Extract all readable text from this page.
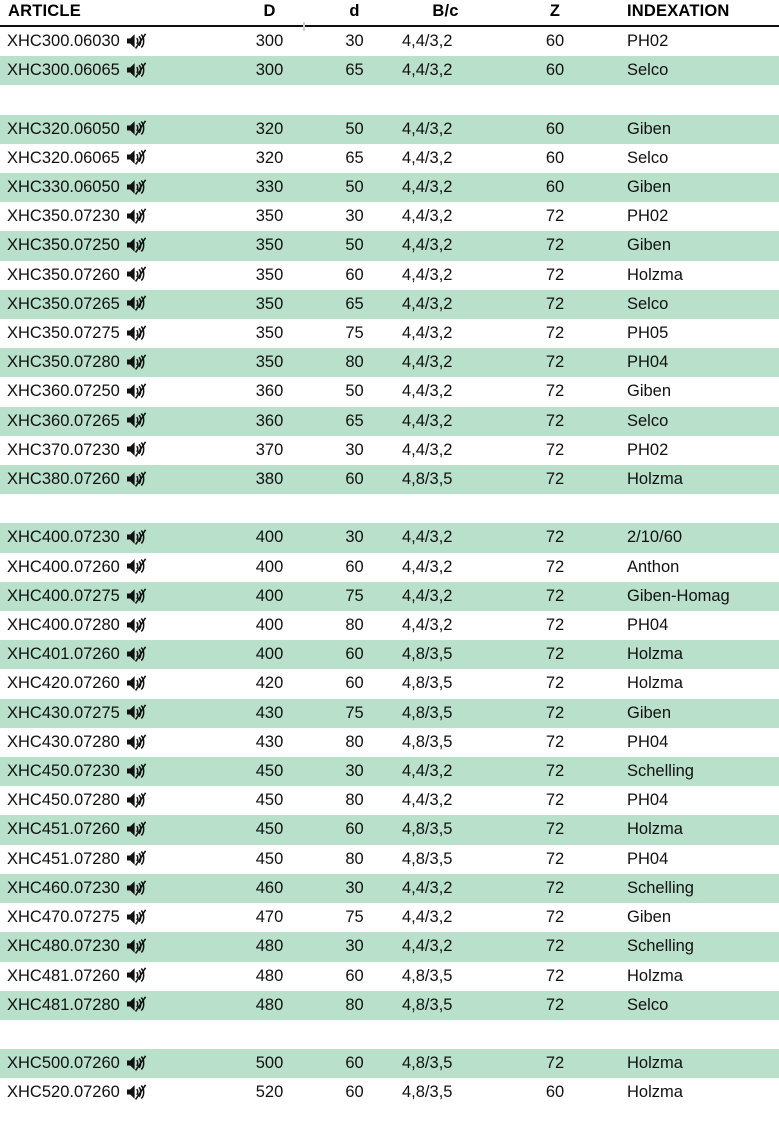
ARTICLE	D	d	B/c	Z	INDEXATION
XHC300.06030	300	30	4,4/3,2	60	PH02
XHC300.06065	300	65	4,4/3,2	60	Selco

XHC320.06050	320	50	4,4/3,2	60	Giben
XHC320.06065	320	65	4,4/3,2	60	Selco
XHC330.06050	330	50	4,4/3,2	60	Giben
XHC350.07230	350	30	4,4/3,2	72	PH02
XHC350.07250	350	50	4,4/3,2	72	Giben
XHC350.07260	350	60	4,4/3,2	72	Holzma
XHC350.07265	350	65	4,4/3,2	72	Selco
XHC350.07275	350	75	4,4/3,2	72	PH05
XHC350.07280	350	80	4,4/3,2	72	PH04
XHC360.07250	360	50	4,4/3,2	72	Giben
XHC360.07265	360	65	4,4/3,2	72	Selco
XHC370.07230	370	30	4,4/3,2	72	PH02
XHC380.07260	380	60	4,8/3,5	72	Holzma

XHC400.07230	400	30	4,4/3,2	72	2/10/60
XHC400.07260	400	60	4,4/3,2	72	Anthon
XHC400.07275	400	75	4,4/3,2	72	Giben-Homag
XHC400.07280	400	80	4,4/3,2	72	PH04
XHC401.07260	400	60	4,8/3,5	72	Holzma
XHC420.07260	420	60	4,8/3,5	72	Holzma
XHC430.07275	430	75	4,8/3,5	72	Giben
XHC430.07280	430	80	4,8/3,5	72	PH04
XHC450.07230	450	30	4,4/3,2	72	Schelling
XHC450.07280	450	80	4,4/3,2	72	PH04
XHC451.07260	450	60	4,8/3,5	72	Holzma
XHC451.07280	450	80	4,8/3,5	72	PH04
XHC460.07230	460	30	4,4/3,2	72	Schelling
XHC470.07275	470	75	4,4/3,2	72	Giben
XHC480.07230	480	30	4,4/3,2	72	Schelling
XHC481.07260	480	60	4,8/3,5	72	Holzma
XHC481.07280	480	80	4,8/3,5	72	Selco

XHC500.07260	500	60	4,8/3,5	72	Holzma
XHC520.07260	520	60	4,8/3,5	60	Holzma
